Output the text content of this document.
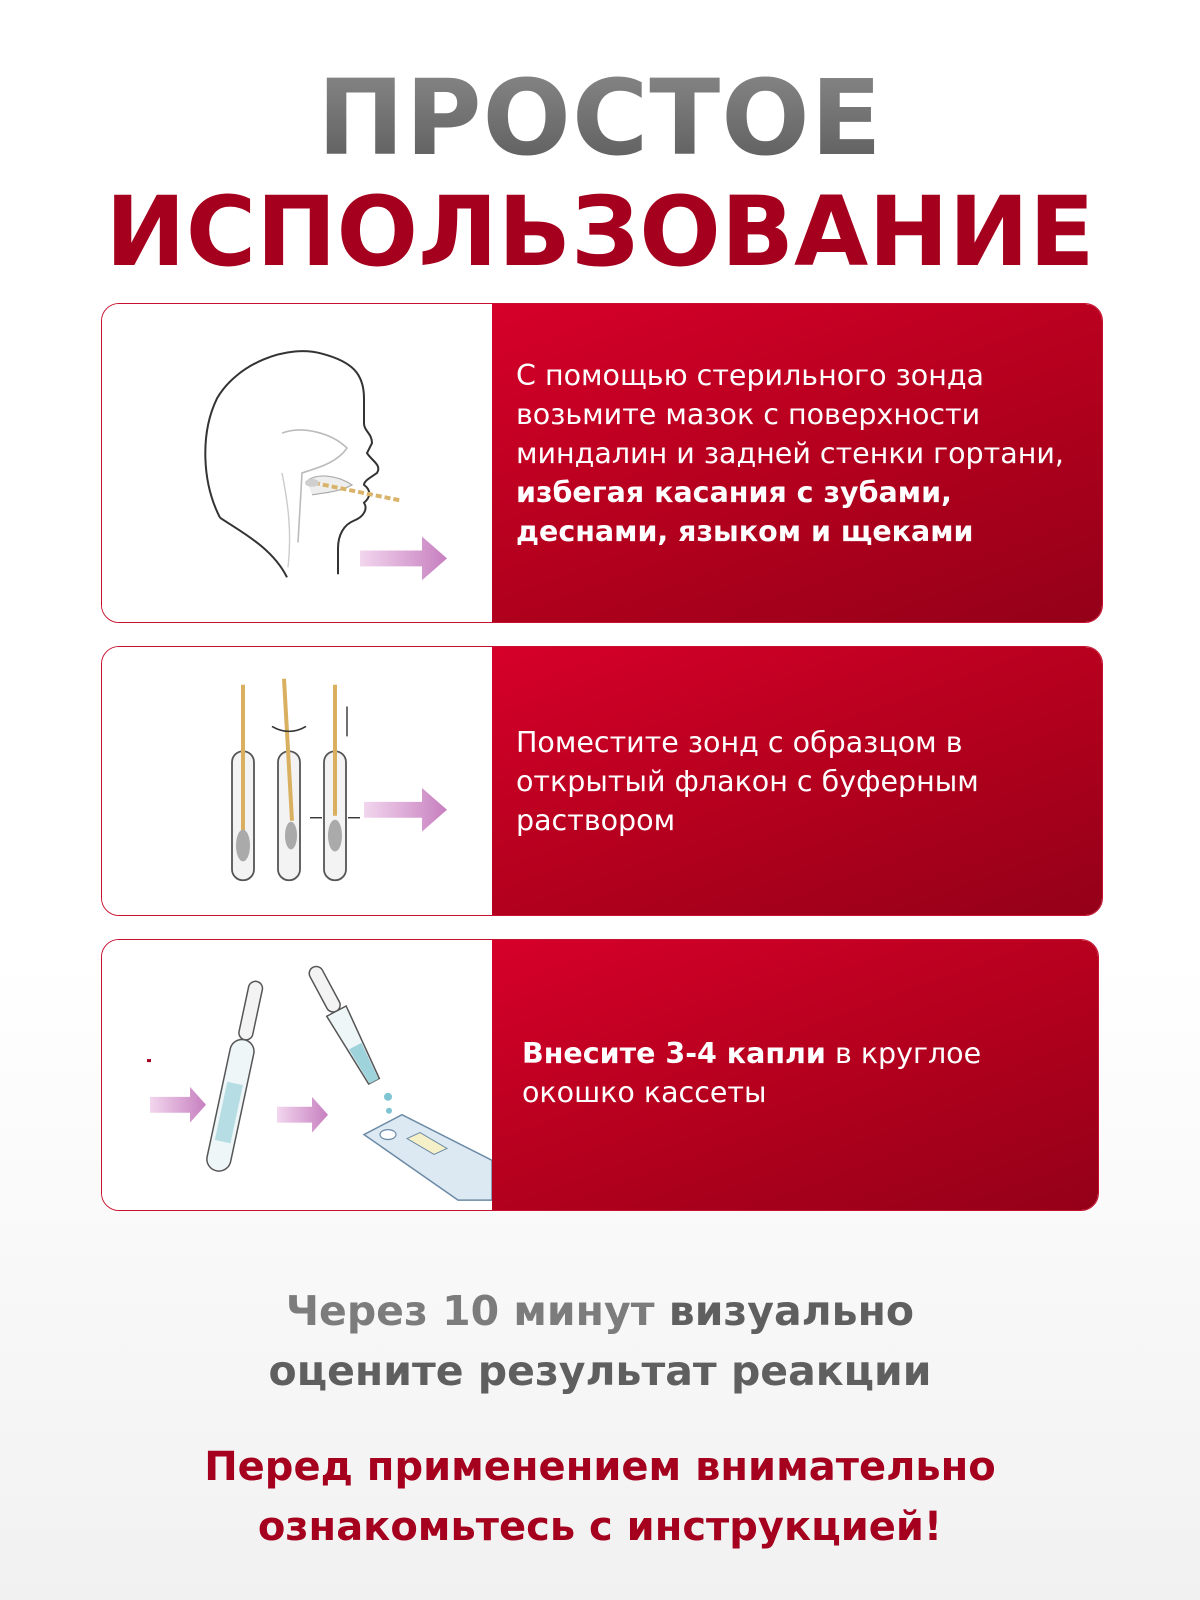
ПРОСТОЕ
ИСПОЛЬЗОВАНИЕ
С помощью стерильного зонда возьмите мазок с поверхности миндалин и задней стенки гортани, избегая касания с зубами, деснами, языком и щеками
Поместите зонд с образцом в открытый флакон с буферным раствором
Внесите 3-4 капли в круглое окошко кассеты
Через 10 минут визуально
оцените результат реакции
Перед применением внимательно
ознакомьтесь с инструкцией!
